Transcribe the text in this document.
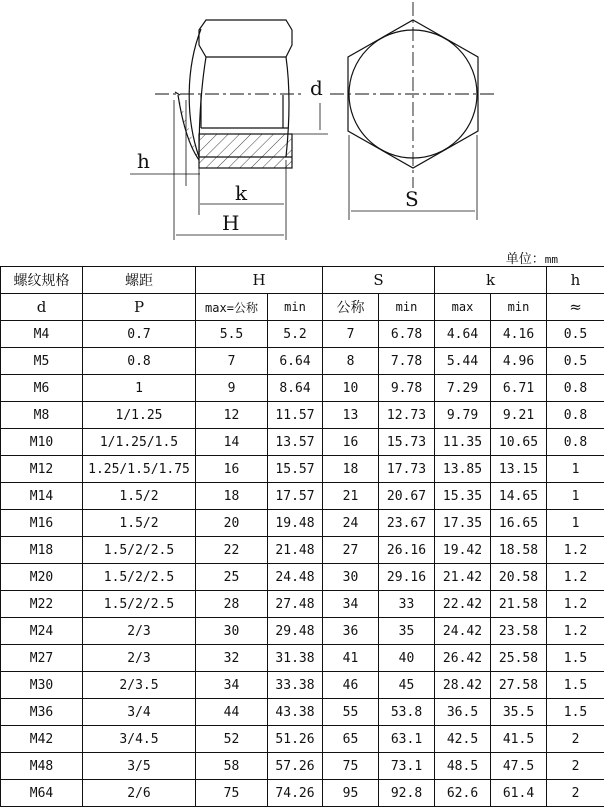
d
h
k
H
S
单位：mm
螺纹规格	螺距	H		S		k		h
d	P	max=公称	min	公称	min	max	min	≈
M4	0.7	5.5	5.2	7	6.78	4.64	4.16	0.5
M5	0.8	7	6.64	8	7.78	5.44	4.96	0.5
M6	1	9	8.64	10	9.78	7.29	6.71	0.8
M8	1/1.25	12	11.57	13	12.73	9.79	9.21	0.8
M10	1/1.25/1.5	14	13.57	16	15.73	11.35	10.65	0.8
M12	1.25/1.5/1.75	16	15.57	18	17.73	13.85	13.15	1
M14	1.5/2	18	17.57	21	20.67	15.35	14.65	1
M16	1.5/2	20	19.48	24	23.67	17.35	16.65	1
M18	1.5/2/2.5	22	21.48	27	26.16	19.42	18.58	1.2
M20	1.5/2/2.5	25	24.48	30	29.16	21.42	20.58	1.2
M22	1.5/2/2.5	28	27.48	34	33	22.42	21.58	1.2
M24	2/3	30	29.48	36	35	24.42	23.58	1.2
M27	2/3	32	31.38	41	40	26.42	25.58	1.5
M30	2/3.5	34	33.38	46	45	28.42	27.58	1.5
M36	3/4	44	43.38	55	53.8	36.5	35.5	1.5
M42	3/4.5	52	51.26	65	63.1	42.5	41.5	2
M48	3/5	58	57.26	75	73.1	48.5	47.5	2
M64	2/6	75	74.26	95	92.8	62.6	61.4	2
